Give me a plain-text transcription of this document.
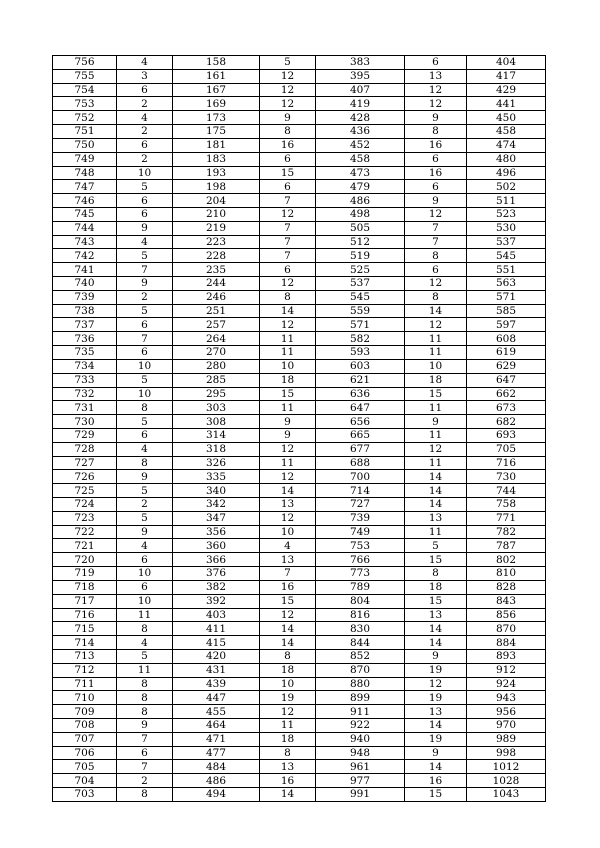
756	4	158	5	383	6	404
755	3	161	12	395	13	417
754	6	167	12	407	12	429
753	2	169	12	419	12	441
752	4	173	9	428	9	450
751	2	175	8	436	8	458
750	6	181	16	452	16	474
749	2	183	6	458	6	480
748	10	193	15	473	16	496
747	5	198	6	479	6	502
746	6	204	7	486	9	511
745	6	210	12	498	12	523
744	9	219	7	505	7	530
743	4	223	7	512	7	537
742	5	228	7	519	8	545
741	7	235	6	525	6	551
740	9	244	12	537	12	563
739	2	246	8	545	8	571
738	5	251	14	559	14	585
737	6	257	12	571	12	597
736	7	264	11	582	11	608
735	6	270	11	593	11	619
734	10	280	10	603	10	629
733	5	285	18	621	18	647
732	10	295	15	636	15	662
731	8	303	11	647	11	673
730	5	308	9	656	9	682
729	6	314	9	665	11	693
728	4	318	12	677	12	705
727	8	326	11	688	11	716
726	9	335	12	700	14	730
725	5	340	14	714	14	744
724	2	342	13	727	14	758
723	5	347	12	739	13	771
722	9	356	10	749	11	782
721	4	360	4	753	5	787
720	6	366	13	766	15	802
719	10	376	7	773	8	810
718	6	382	16	789	18	828
717	10	392	15	804	15	843
716	11	403	12	816	13	856
715	8	411	14	830	14	870
714	4	415	14	844	14	884
713	5	420	8	852	9	893
712	11	431	18	870	19	912
711	8	439	10	880	12	924
710	8	447	19	899	19	943
709	8	455	12	911	13	956
708	9	464	11	922	14	970
707	7	471	18	940	19	989
706	6	477	8	948	9	998
705	7	484	13	961	14	1012
704	2	486	16	977	16	1028
703	8	494	14	991	15	1043
